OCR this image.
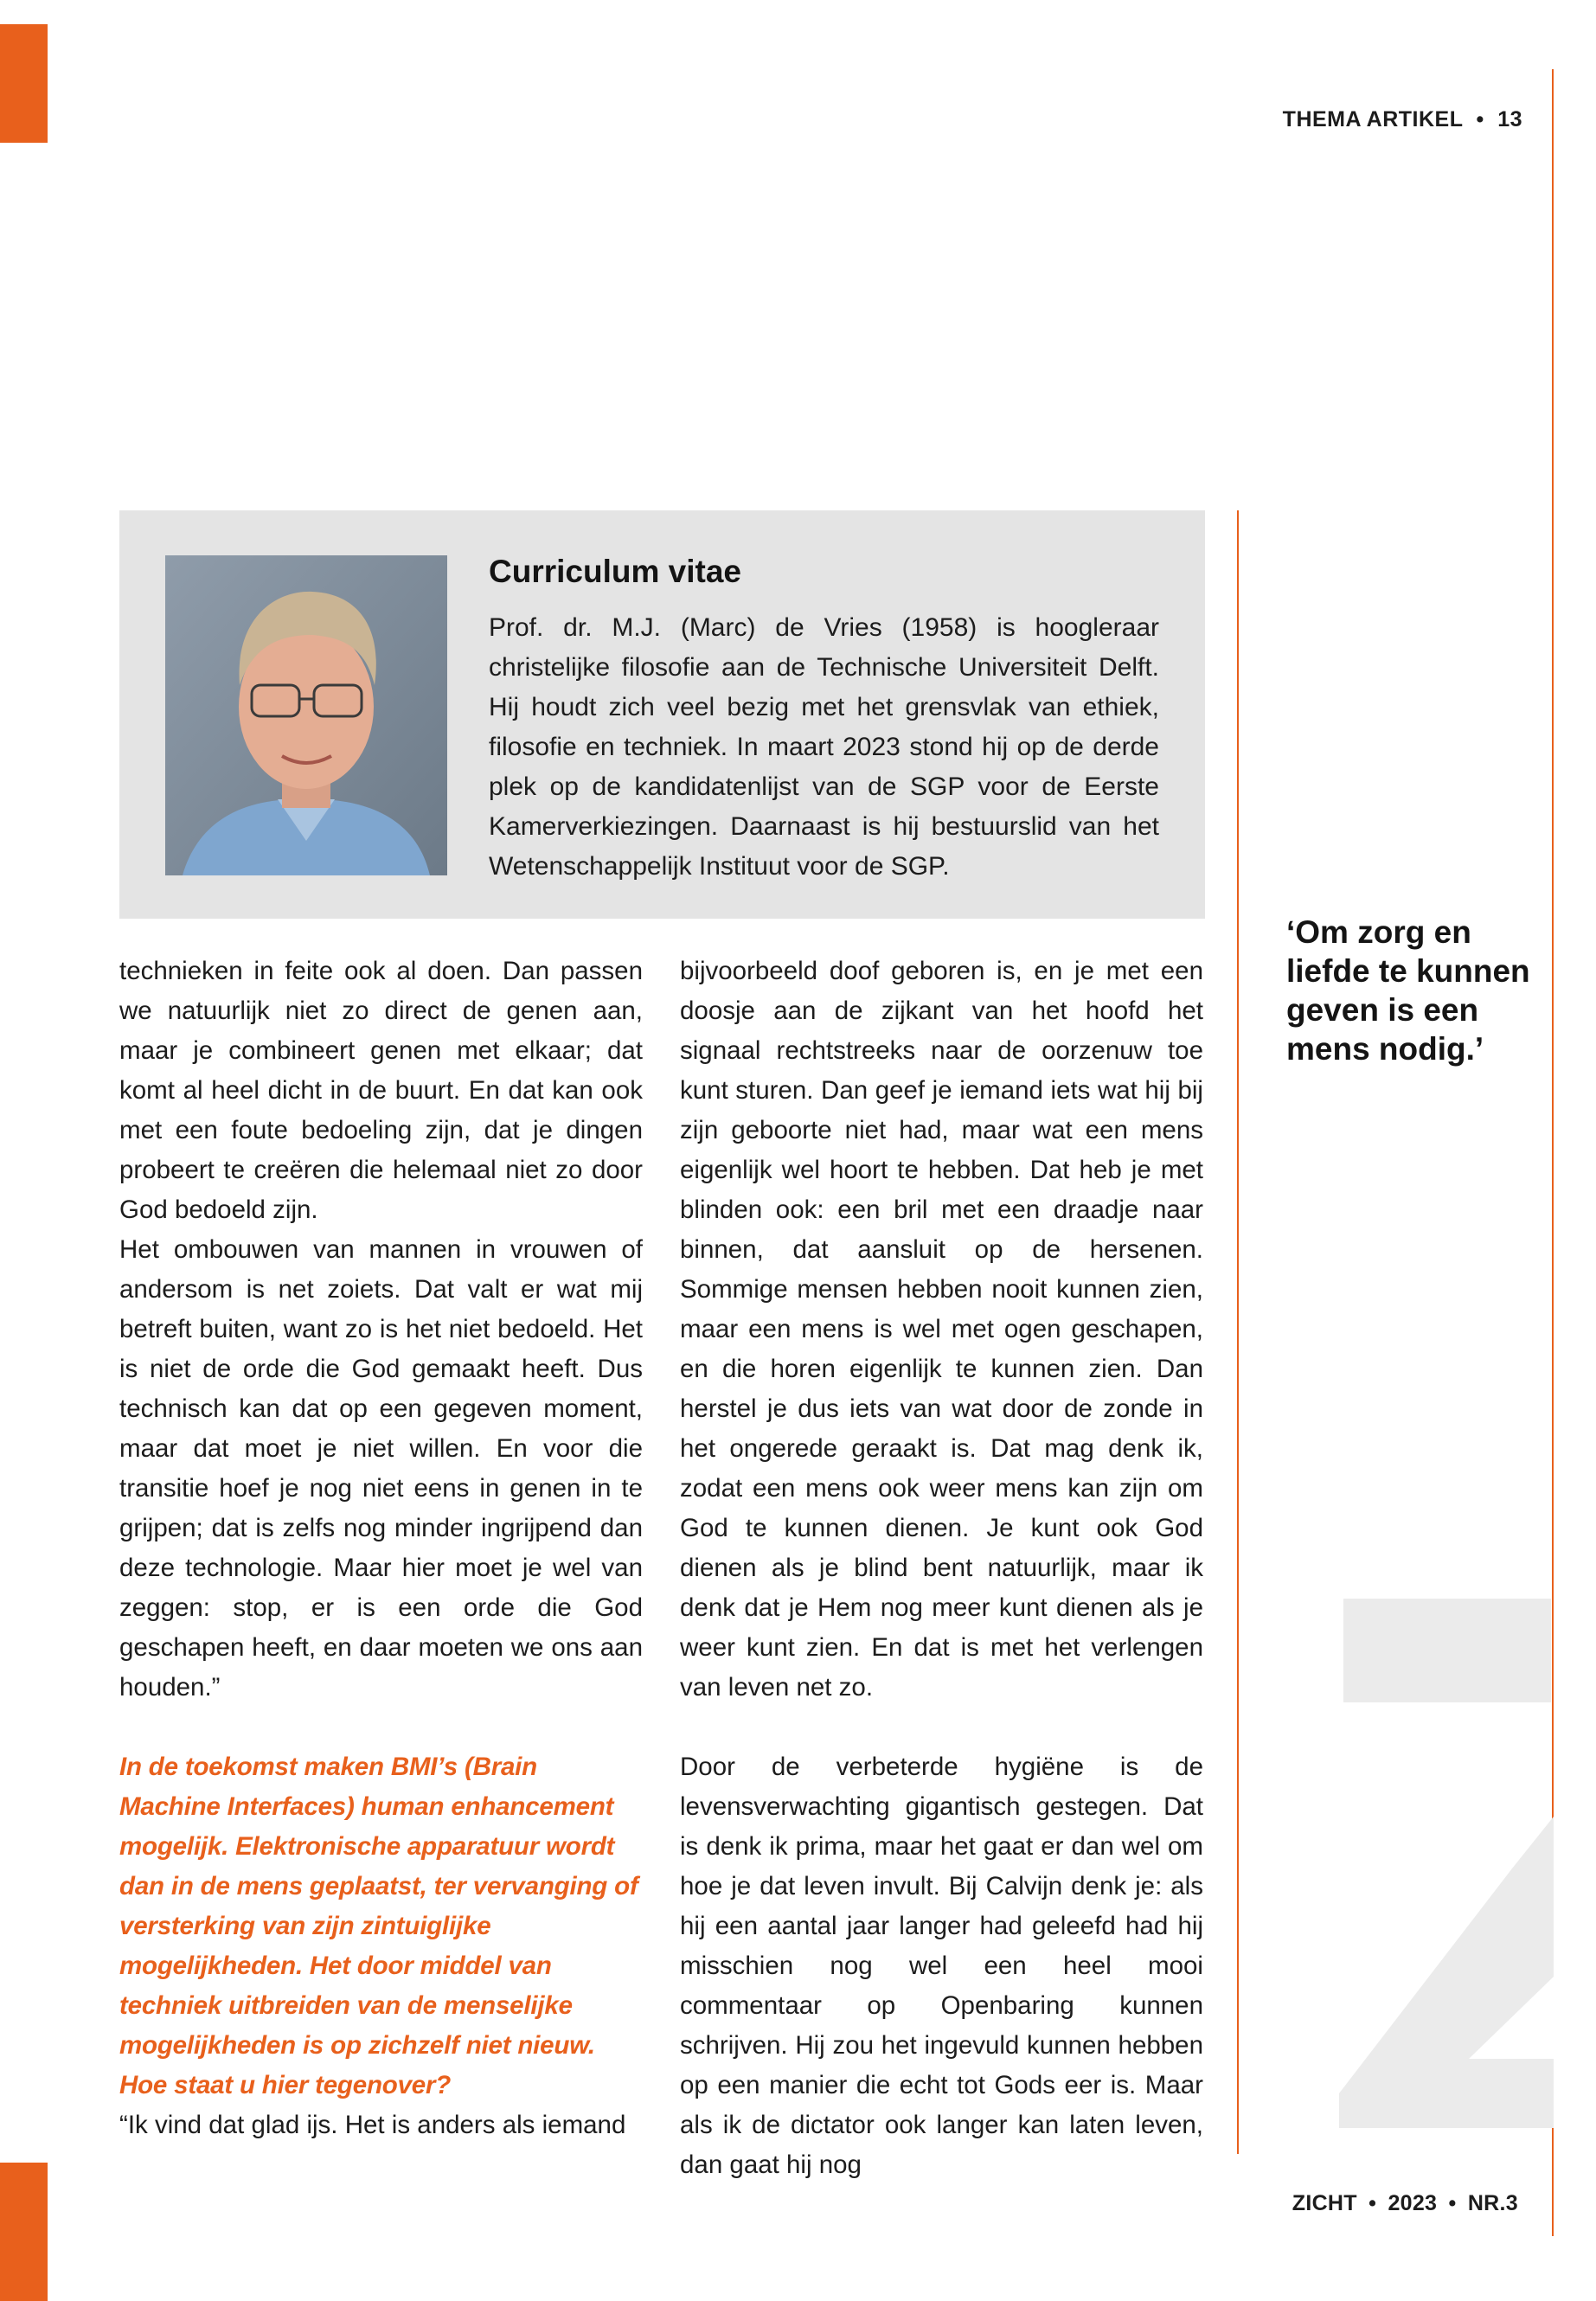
THEMA ARTIKEL • 13
Curriculum vitae
Prof. dr. M.J. (Marc) de Vries (1958) is hoogleraar christelijke filosofie aan de Technische Universiteit Delft. Hij houdt zich veel bezig met het grensvlak van ethiek, filosofie en techniek. In maart 2023 stond hij op de derde plek op de kandidatenlijst van de SGP voor de Eerste Kamerverkiezingen. Daarnaast is hij bestuurslid van het Wetenschappelijk Instituut voor de SGP.
‘Om zorg en liefde te kunnen geven is een mens nodig.’

technieken in feite ook al doen. Dan passen we natuurlijk niet zo direct de genen aan, maar je combineert genen met elkaar; dat komt al heel dicht in de buurt. En dat kan ook met een foute bedoeling zijn, dat je dingen probeert te creëren die helemaal niet zo door God bedoeld zijn.

Het ombouwen van mannen in vrouwen of andersom is net zoiets. Dat valt er wat mij betreft buiten, want zo is het niet bedoeld. Het is niet de orde die God gemaakt heeft. Dus technisch kan dat op een gegeven moment, maar dat moet je niet willen. En voor die transitie hoef je nog niet eens in genen in te grijpen; dat is zelfs nog minder ingrijpend dan deze technologie. Maar hier moet je wel van zeggen: stop, er is een orde die God geschapen heeft, en daar moeten we ons aan houden.”

bijvoorbeeld doof geboren is, en je met een doosje aan de zijkant van het hoofd het signaal rechtstreeks naar de oorzenuw toe kunt sturen. Dan geef je iemand iets wat hij bij zijn geboorte niet had, maar wat een mens eigenlijk wel hoort te hebben. Dat heb je met blinden ook: een bril met een draadje naar binnen, dat aansluit op de hersenen. Sommige mensen hebben nooit kunnen zien, maar een mens is wel met ogen geschapen, en die horen eigenlijk te kunnen zien. Dan herstel je dus iets van wat door de zonde in het ongerede geraakt is. Dat mag denk ik, zodat een mens ook weer mens kan zijn om God te kunnen dienen. Je kunt ook God dienen als je blind bent natuurlijk, maar ik denk dat je Hem nog meer kunt dienen als je weer kunt zien. En dat is met het verlengen van leven net zo.

In de toekomst maken BMI’s (Brain Machine Interfaces) human enhancement mogelijk. Elektronische apparatuur wordt dan in de mens geplaatst, ter vervanging of versterking van zijn zintuiglijke mogelijkheden. Het door middel van techniek uitbreiden van de menselijke mogelijkheden is op zichzelf niet nieuw. Hoe staat u hier tegenover?

“Ik vind dat glad ijs. Het is anders als iemand

Door de verbeterde hygiëne is de levensverwachting gigantisch gestegen. Dat is denk ik prima, maar het gaat er dan wel om hoe je dat leven invult. Bij Calvijn denk je: als hij een aantal jaar langer had geleefd had hij misschien nog wel een heel mooi commentaar op Openbaring kunnen schrijven. Hij zou het ingevuld kunnen hebben op een manier die echt tot Gods eer is. Maar als ik de dictator ook langer kan laten leven, dan gaat hij nog

ZICHT • 2023 • NR.3
